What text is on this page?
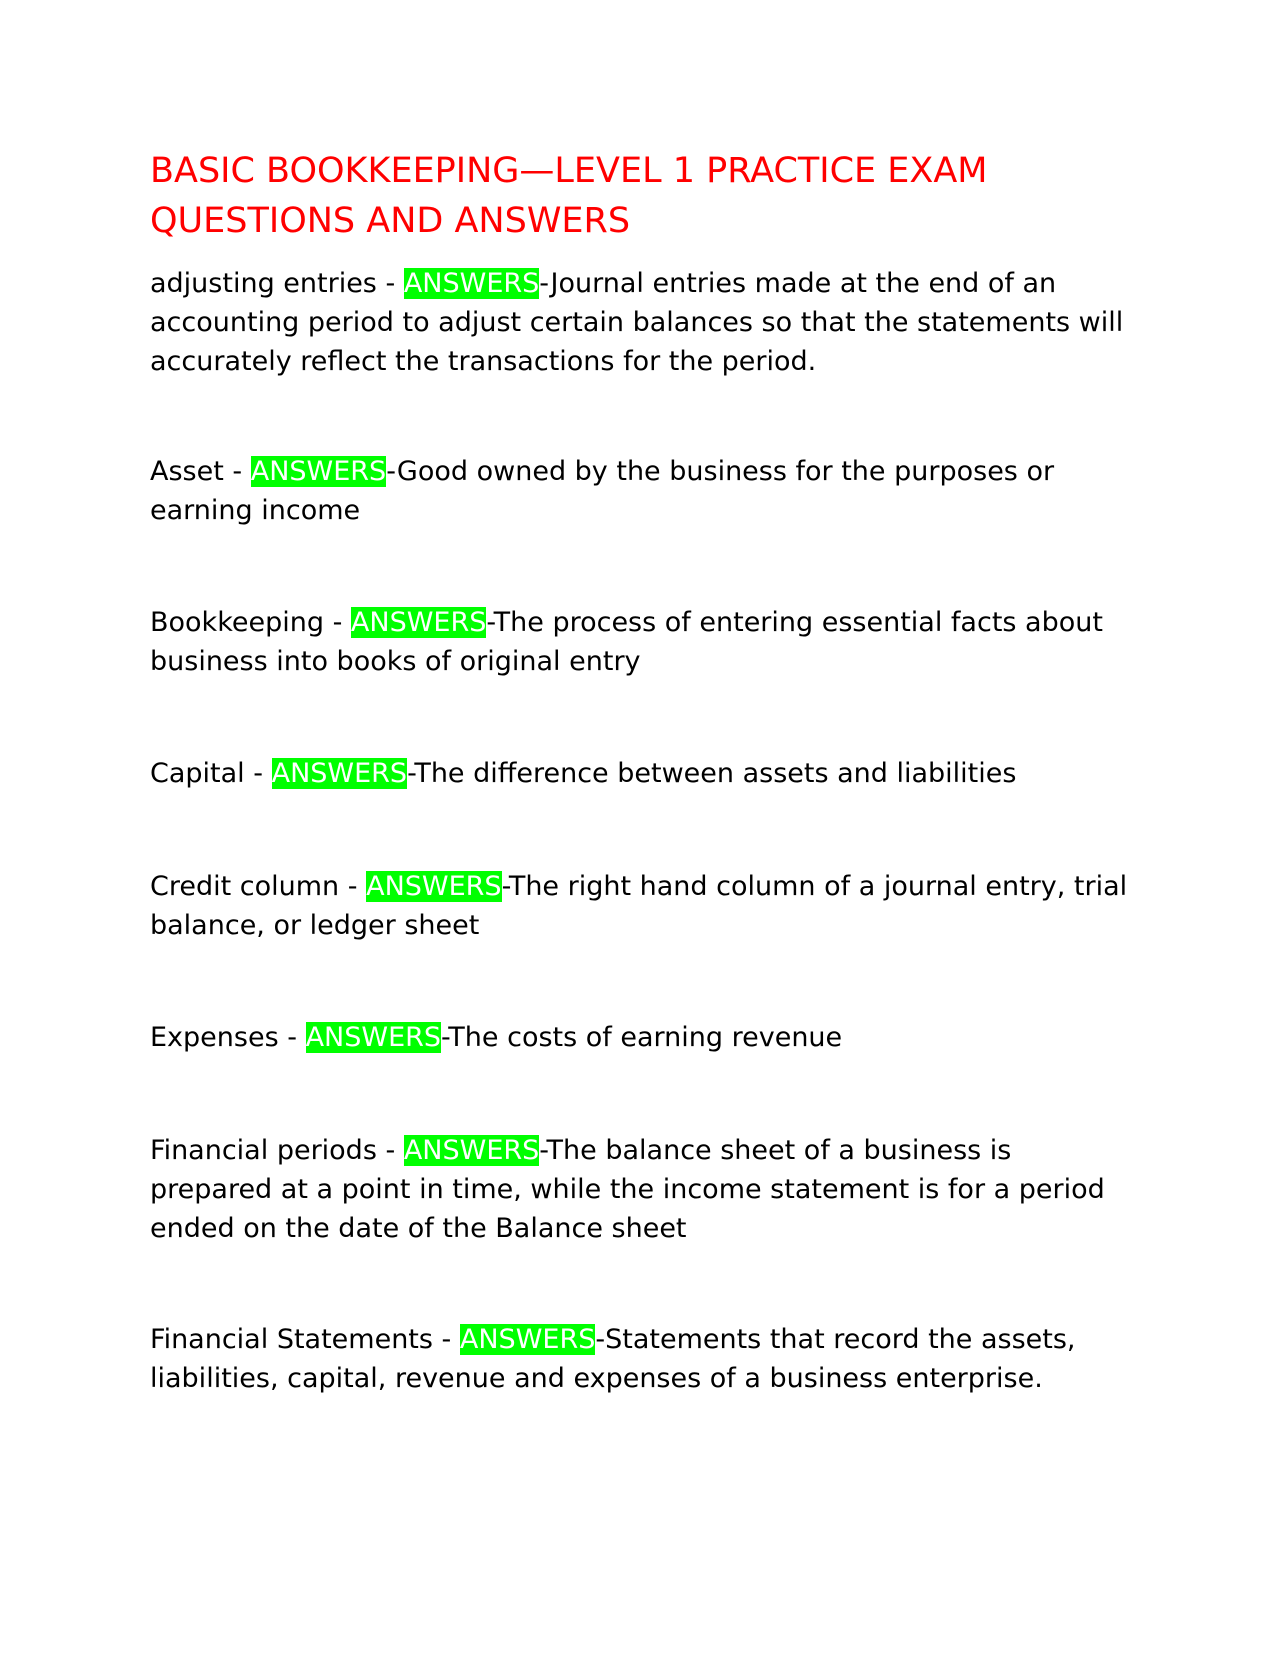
BASIC BOOKKEEPING—LEVEL 1 PRACTICE EXAM QUESTIONS AND ANSWERS

adjusting entries - ANSWERS-Journal entries made at the end of an accounting period to adjust certain balances so that the statements will accurately reflect the transactions for the period.

Asset - ANSWERS-Good owned by the business for the purposes or earning income

Bookkeeping - ANSWERS-The process of entering essential facts about business into books of original entry

Capital - ANSWERS-The difference between assets and liabilities

Credit column - ANSWERS-The right hand column of a journal entry, trial balance, or ledger sheet

Expenses - ANSWERS-The costs of earning revenue

Financial periods - ANSWERS-The balance sheet of a business is prepared at a point in time, while the income statement is for a period ended on the date of the Balance sheet

Financial Statements - ANSWERS-Statements that record the assets, liabilities, capital, revenue and expenses of a business enterprise.
